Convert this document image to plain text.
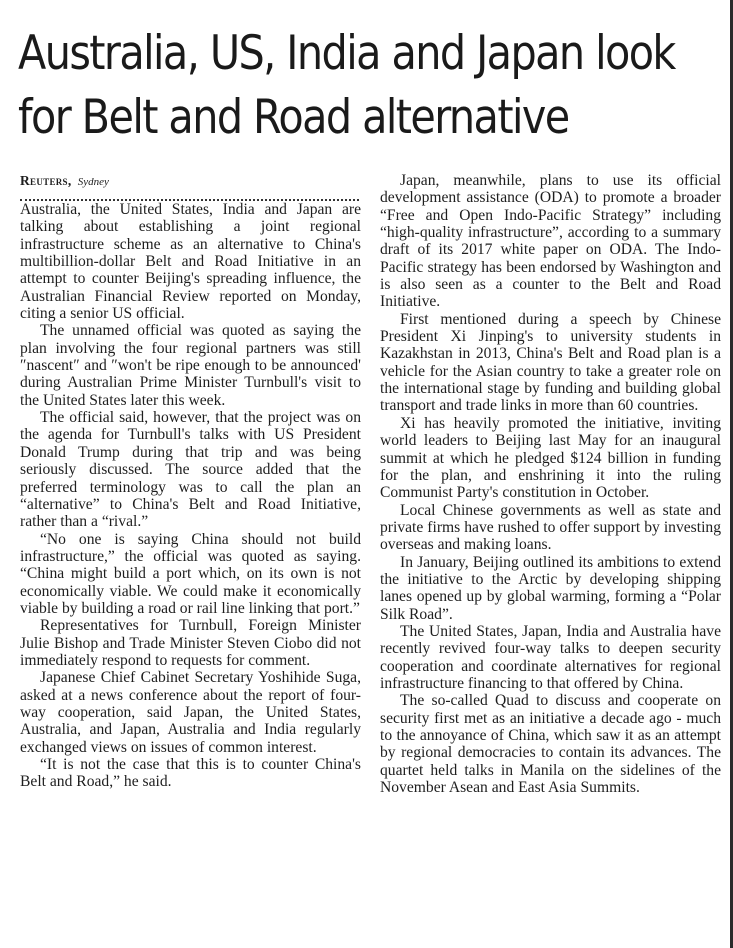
Australia, US, India and Japan look for Belt and Road alternative
Reuters, Sydney

Australia, the United States, India and Japan are talking about establishing a joint regional infrastructure scheme as an alternative to China's multibillion-dollar Belt and Road Initiative in an attempt to counter Beijing's spreading influence, the Australian Financial Review reported on Monday, citing a senior US official.

The unnamed official was quoted as saying the plan involving the four regional partners was still ″nascent″ and ″won't be ripe enough to be announced' during Australian Prime Minister Turnbull's visit to the United States later this week.

The official said, however, that the project was on the agenda for Turnbull's talks with US President Donald Trump during that trip and was being seriously discussed. The source added that the preferred terminology was to call the plan an “alternative” to China's Belt and Road Initiative, rather than a “rival.”

“No one is saying China should not build infrastructure,” the official was quoted as saying. “China might build a port which, on its own is not economically viable. We could make it economically viable by building a road or rail line linking that port.”

Representatives for Turnbull, Foreign Minister Julie Bishop and Trade Minister Steven Ciobo did not immediately respond to requests for comment.

Japanese Chief Cabinet Secretary Yoshihide Suga, asked at a news conference about the report of four-way cooperation, said Japan, the United States, Australia, and Japan, Australia and India regularly exchanged views on issues of common interest.

“It is not the case that this is to counter China's Belt and Road,” he said.

Japan, meanwhile, plans to use its official development assistance (ODA) to promote a broader “Free and Open Indo-Pacific Strategy” including “high-quality infrastructure”, according to a summary draft of its 2017 white paper on ODA. The Indo-Pacific strategy has been endorsed by Washington and is also seen as a counter to the Belt and Road Initiative.

First mentioned during a speech by Chinese President Xi Jinping's to university students in Kazakhstan in 2013, China's Belt and Road plan is a vehicle for the Asian country to take a greater role on the international stage by funding and building global transport and trade links in more than 60 countries.

Xi has heavily promoted the initiative, inviting world leaders to Beijing last May for an inaugural summit at which he pledged $124 billion in funding for the plan, and enshrining it into the ruling Communist Party's constitution in October.

Local Chinese governments as well as state and private firms have rushed to offer support by investing overseas and making loans.

In January, Beijing outlined its ambitions to extend the initiative to the Arctic by developing shipping lanes opened up by global warming, forming a “Polar Silk Road”.

The United States, Japan, India and Australia have recently revived four-way talks to deepen security cooperation and coordinate alternatives for regional infrastructure financing to that offered by China.

The so-called Quad to discuss and cooperate on security first met as an initiative a decade ago - much to the annoyance of China, which saw it as an attempt by regional democracies to contain its advances. The quartet held talks in Manila on the sidelines of the November Asean and East Asia Summits.
